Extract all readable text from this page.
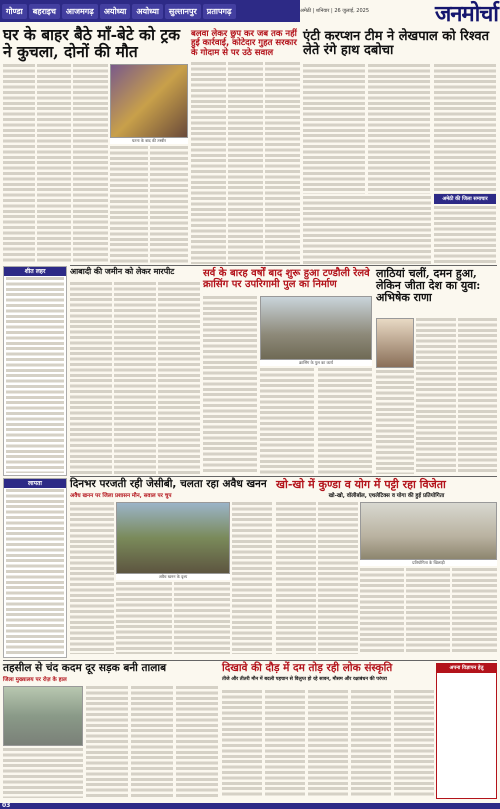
गोण्डा	बहराइच	आजमगढ़	अयोध्या	अयोध्या	सुल्तानपुर	प्रतापगढ़	अमेठी | शनिवार | 26 जुलाई, 2025	जनमोर्चा
घर के बाहर बैठे माँ-बेटे को ट्रक ने कुचला, दोनों की मौत
घटना के बाद की तस्वीर
बलवा लेकर छुप कर जब तक नहीं हुई कार्रवाई, कोटेदार गुहत सरकार के गोदाम से पर उठे सवाल
एंटी करप्शन टीम ने लेखपाल को रिश्वत लेते रंगे हाथ दबोचा
अमेठी की जिला समाचार
शीत लहर
लापता
आबादी की जमीन को लेकर मारपीट	सर्व के बारह वर्षों बाद शुरू हुआ टण्डौली रेलवे क्रासिंग पर उपरिगामी पुल का निर्माण
क्रासिंग के पुल का कार्य
लाठियां चलीं, दमन हुआ, लेकिन जीता देश का युवा: अभिषेक राणा
दिनभर परजती रही जेसीबी, चलता रहा अवैध खनन
अवैध खनन पर जिला प्रशासन मौन, सवाल पर चुप
अवैध खनन के दृश्य
खो-खो में कुण्डा व योग में पट्टी रहा विजेता
खो-खो, वॉलीबॉल, एथलेटिक्स व योगा की हुई प्रतियोगिता
प्रतियोगिता के खिलाड़ी
तहसील से चंद कदम दूर सड़क बनी तालाब
जिला मुख्यालय पर रोज़ के हाल
दिखावे की दौड़ में दम तोड़ रही लोक संस्कृति
तीजे और तीतरी मौन में बदली पहचान से विलुप्त हो रहे सावन, मौसम और रक्षाबंधन की परंपरा
अपना विज्ञापन हेतु
03
